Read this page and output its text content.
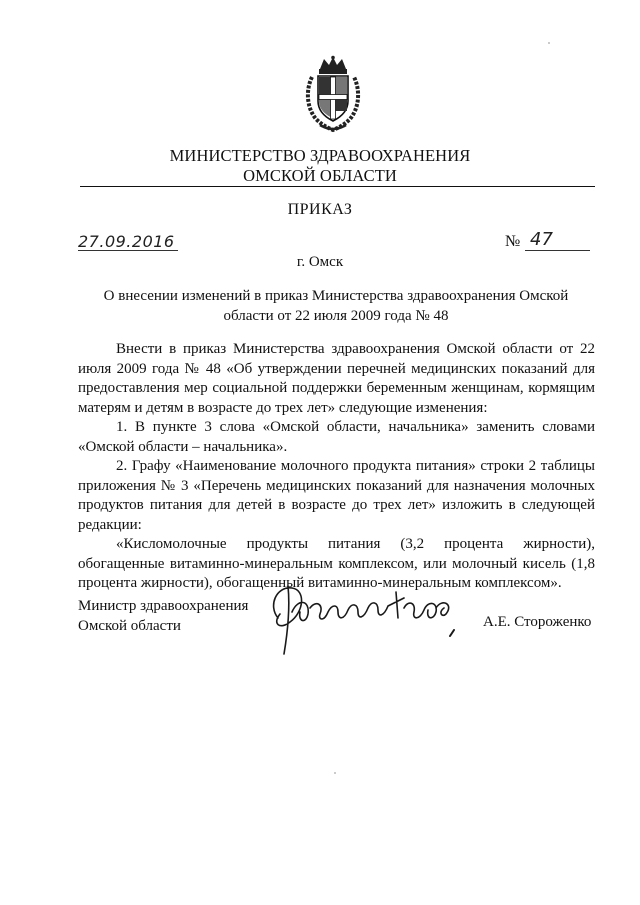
МИНИСТЕРСТВО ЗДРАВООХРАНЕНИЯ
ОМСКОЙ ОБЛАСТИ
ПРИКАЗ
27.09.2016	№ 47
г. Омск
О внесении изменений в приказ Министерства здравоохранения Омской области от 22 июля 2009 года № 48

Внести в приказ Министерства здравоохранения Омской области от 22 июля 2009 года № 48 «Об утверждении перечней медицинских показаний для предоставления мер социальной поддержки беременным женщинам, кормящим матерям и детям в возрасте до трех лет» следующие изменения:

1. В пункте 3 слова «Омской области, начальника» заменить словами «Омской области – начальника».

2. Графу «Наименование молочного продукта питания» строки 2 таблицы приложения № 3 «Перечень медицинских показаний для назначения молочных продуктов питания для детей в возрасте до трех лет» изложить в следующей редакции:

«Кисломолочные продукты питания (3,2 процента жирности), обогащенные витаминно-минеральным комплексом, или молочный кисель (1,8 процента жирности), обогащенный витаминно-минеральным комплексом».

Министр здравоохранения
Омской области	А.Е. Стороженко
